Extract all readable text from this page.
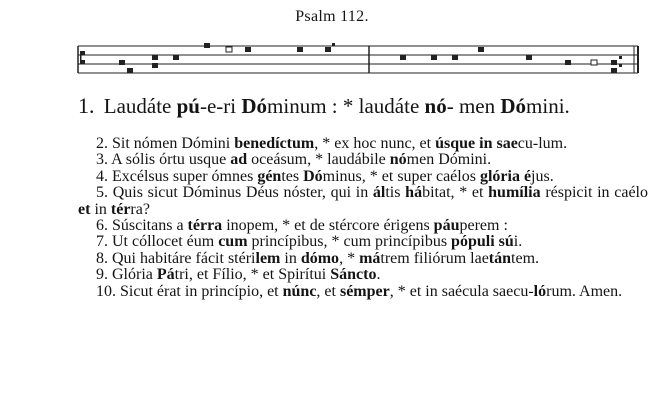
Psalm 112.
1. Laudáte pú-e-ri Dóminum : * laudáte nó- men Dómini.

2. Sit nómen Dómini benedíctum, * ex hoc nunc, et úsque in saecu-lum.

3. A sólis órtu usque ad oceásum, * laudábile nómen Dómini.

4. Excélsus super ómnes géntes Dóminus, * et super caélos glória éjus.

5. Quis sicut Dóminus Déus nóster, qui in áltis hábitat, * et humília réspicit in caélo et in térra?

6. Súscitans a térra inopem, * et de stércore érigens páuperem :

7. Ut cóllocet éum cum princípibus, * cum princípibus pópuli súi.

8. Qui habitáre fácit stérilem in dómo, * mátrem filiórum laetántem.

9. Glória Pátri, et Fílio, * et Spirítui Sáncto.

10. Sicut érat in princípio, et núnc, et sémper, * et in saécula saecu-lórum. Amen.
